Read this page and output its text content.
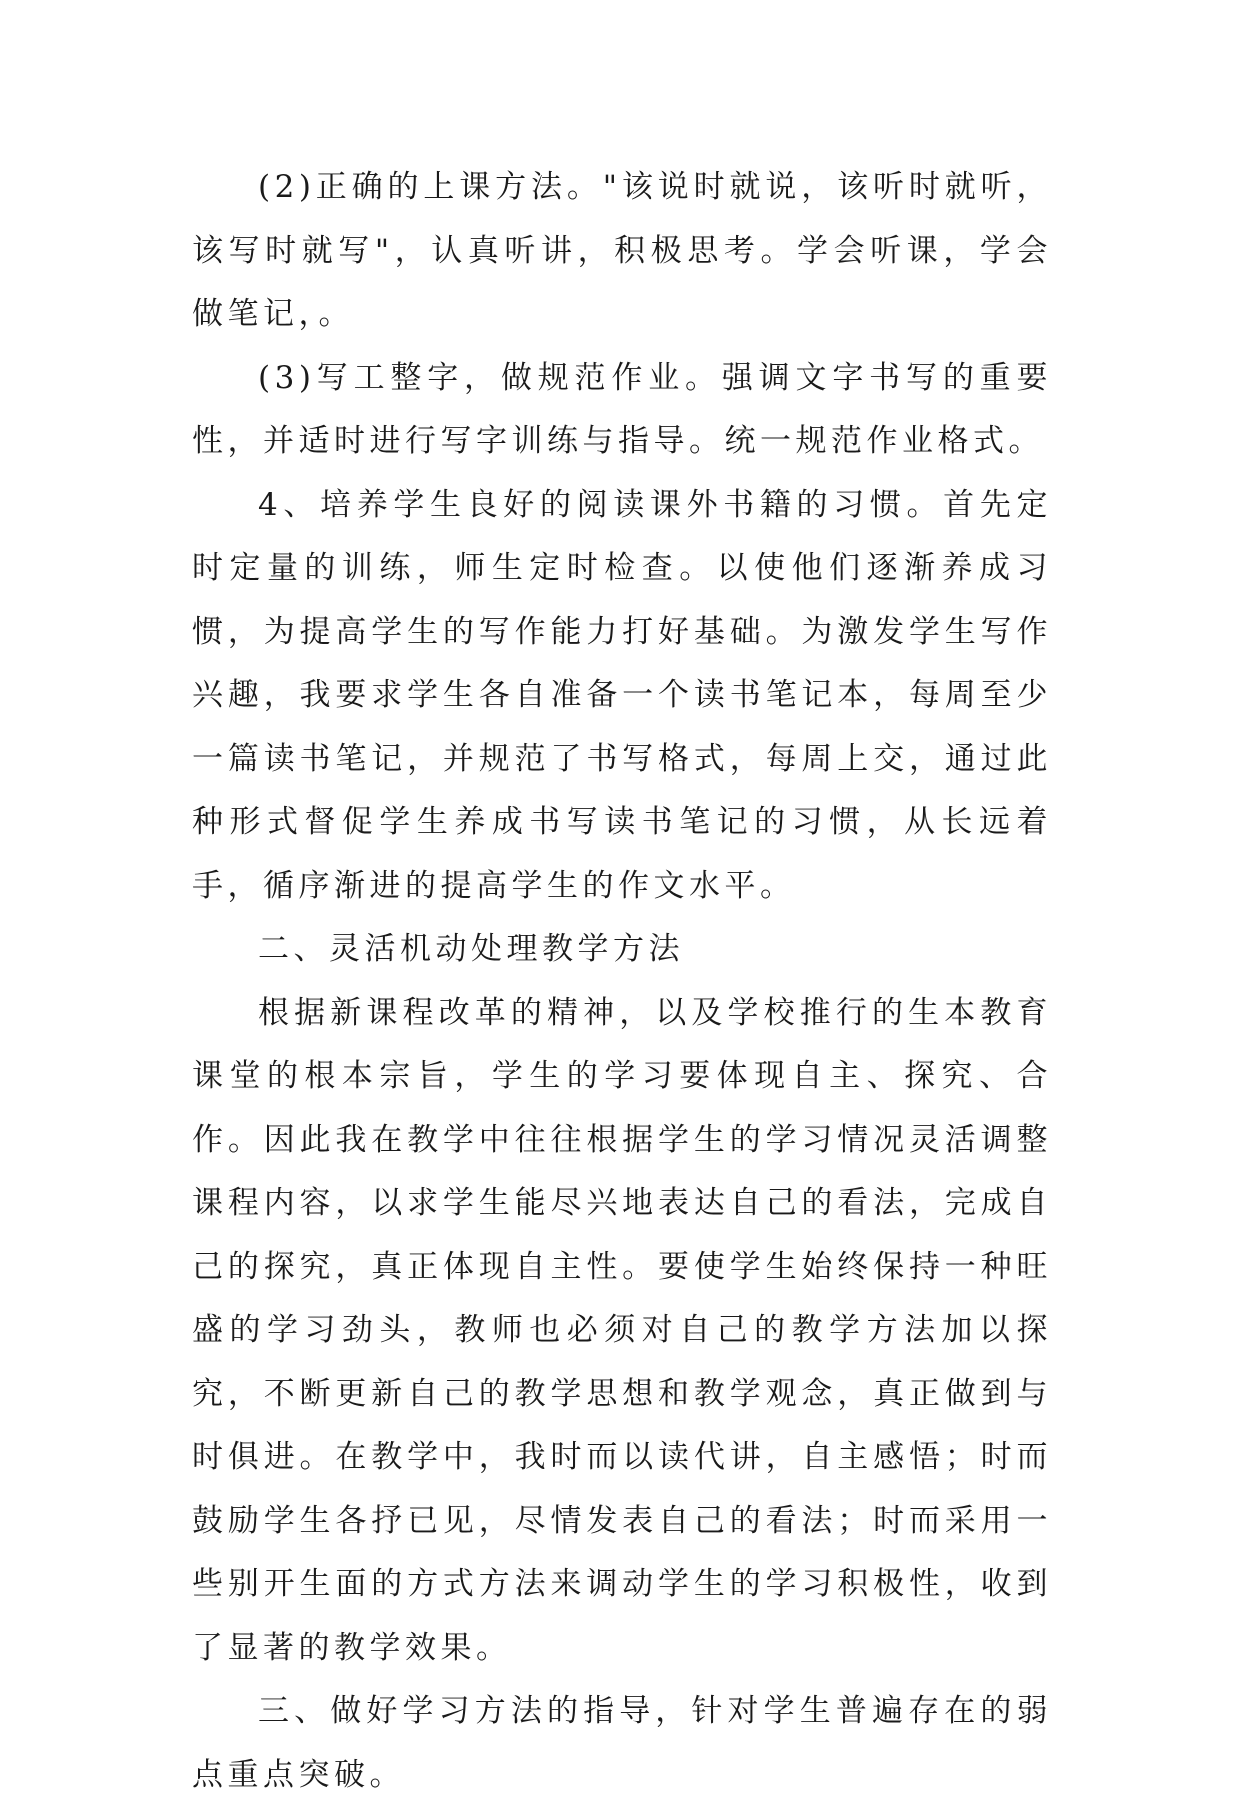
(2)正确的上课方法。"该说时就说，该听时就听，该写时就写"，认真听讲，积极思考。学会听课，学会做笔记，。

(3)写工整字，做规范作业。强调文字书写的重要性，并适时进行写字训练与指导。统一规范作业格式。

4、培养学生良好的阅读课外书籍的习惯。首先定时定量的训练，师生定时检查。以使他们逐渐养成习惯，为提高学生的写作能力打好基础。为激发学生写作兴趣，我要求学生各自准备一个读书笔记本，每周至少一篇读书笔记，并规范了书写格式，每周上交，通过此种形式督促学生养成书写读书笔记的习惯，从长远着手，循序渐进的提高学生的作文水平。

二、灵活机动处理教学方法

根据新课程改革的精神，以及学校推行的生本教育课堂的根本宗旨，学生的学习要体现自主、探究、合作。因此我在教学中往往根据学生的学习情况灵活调整课程内容，以求学生能尽兴地表达自己的看法，完成自己的探究，真正体现自主性。要使学生始终保持一种旺盛的学习劲头，教师也必须对自己的教学方法加以探究，不断更新自己的教学思想和教学观念，真正做到与时俱进。在教学中，我时而以读代讲，自主感悟；时而鼓励学生各抒已见，尽情发表自己的看法；时而采用一些别开生面的方式方法来调动学生的学习积极性，收到了显著的教学效果。

三、做好学习方法的指导，针对学生普遍存在的弱点重点突破。
